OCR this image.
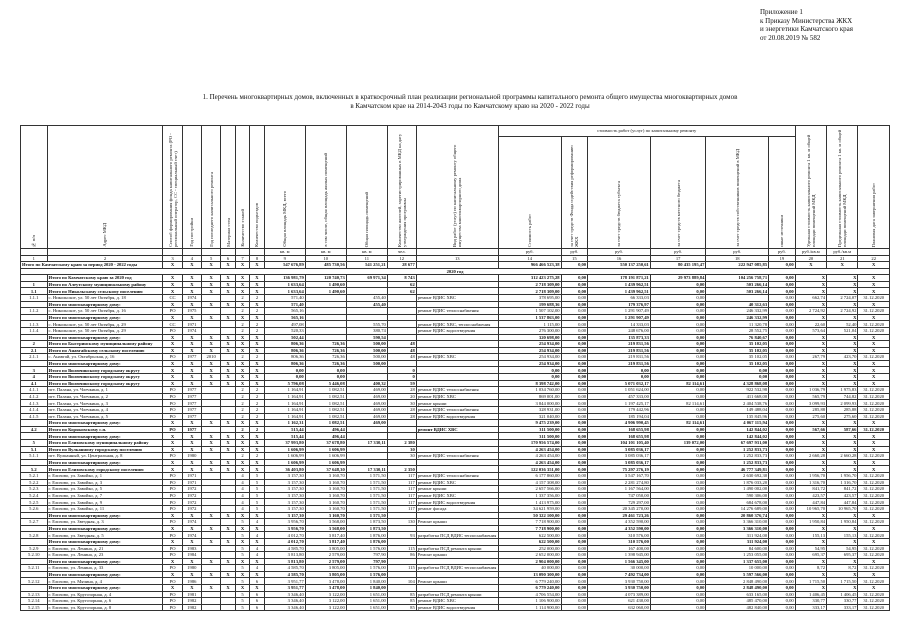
Приложение 1
к Приказу Министерства ЖКХ
и энергетики Камчатского края
от 20.08.2019 № 582
1. Перечень многоквартирных домов, включенных в краткосрочный план реализации региональной программы капитального ремонта общего имущества многоквартирных домов
в Камчатском крае на 2014-2043 годы по Камчатскому краю на 2020 - 2022 годы
№ п/п	Адрес МКД	Способ формирования фонда капитального ремонта (РО - региональный оператор, СС - специальный счет)	Год постройки	Год последнего капитального ремонта	Материал стен	Количество этажей	Количество подъездов	Общая площадь МКД, всего	в том числе, общая площадь жилых помещений	Общая площадь помещений	Количество жителей, зарегистрированных в МКД на дату утверждения программы	Вид работ (услуг) по капитальному ремонту общего имущества многоквартирного дома	стоимость работ (услуг) по капитальному ремонту						Удельная стоимость капитального ремонта 1 кв. м общей площади помещений МКД	Предельная стоимость капитального ремонта 1 кв. м общей площади помещений МКД	Плановая дата завершения работ
													Стоимость работ	за счет средств Фонда содействия реформированию ЖКХ	за счет средств бюджета субъекта	за счет средств местного бюджета	за счет средств собственников помещений в МКД	иные источники			
								кв. м	кв. м	кв. м	чел.		руб.	руб.	руб.	руб.	руб.	руб.	руб./кв.м	руб./кв.м	
1	2	3	4	5	6	7	8	9	10	11	12	13	14	15	16	17	18	19	20	21	22
Итого по Камчатскому краю за период 2020 - 2022 годы		X	X	X	X	X	X	547 676,89	485 730,56	541 251,21	28 677		966 466 523,38	0,00	550 137 250,61	80 435 195,47	222 947 085,85	0,00	X	X	X
2020 год																					
	Итого по Камчатскому краю за 2020 год	X	X	X	X	X	X	136 981,79	120 740,73	69 971,34	8 743		312 423 275,28	0,00	178 191 871,21	29 973 889,84	104 256 758,71	0,00	X	X	X
1	Итого по Алеутскому муниципальному району	X	X	X	X	X	X	1 633,64	1 490,60		62		2 718 309,00	0,00	1 439 962,51	0,00	503 266,14	0,00	X	X	X
1.1	Итого по Никольскому сельскому поселению	X	X	X	X	X	X	1 633,64	1 490,60		62		2 718 309,00	0,00	1 439 962,51	0,00	503 266,14	0,00	X	X	X
1.1.1	с. Никольское, ул. 50 лет Октября, д. 18	СС	1974			2	2	571,40		455,40		ремонт ВДИС ХВС	378 695,00	0,00	66 333,03	0,00		0,00	662,74	2 724,07	31.12.2020
	Итого по многоквартирному дому:	X	X	X	X	X	X	571,40		455,40			199 688,36	0,00	179 376,97	0,00	40 312,63	0,00	X	X	X
1.1.2	с. Никольское, ул. 50 лет Октября, д. 16	РО	1975			2	2	565,16				ремонт ВДИС теплоснабжения	1 507 102,00	0,00	1 291 907,49	0,00	246 332,99	0,00	2 724,92	2 724,92	31.12.2020
	Итого по многоквартирному дому:	X	X	X	X	X	X	565,16					1 537 863,00	0,00	1 291 907,49	0,00	246 332,99	0,00	X	X	X
1.1.3	с. Никольское, ул. 50 лет Октября, д. 29	СС	1971			2	2	497,08		555,70		ремонт ВДИС ХВС, теплоснабжения	1 115,00	0,00	14 333,03	0,00	11 320,78	0,00	22,60	52,40	31.12.2020
1.1.4	с. Никольское, ул. 50 лет Октября, д. 29	РО	1974			2	2	520,33		380,74		ремонт ВДИС водоотведения	276 300,00	0,00	248 676,00	0,00	28 552,75	0,00	573,64	521,04	31.12.2020
	Итого по многоквартирному дому:	X	X	X	X	X	X	502,44		590,54			320 698,00	0,00	135 873,33	0,00	76 840,67	0,00	X	X	X
2	Итого по Быстринскому муниципальному району	X	X	X	X	X	X	806,36	726,36	500,00	48		254 934,00	0,00	219 831,56	0,00	35 102,05	0,00	X	X	X
2.1	Итого по Анавгайскому сельскому поселению	X	X	X	X	X	X	806,36	726,36	500,00	48		254 934,00	0,00	219 831,56	0,00	35 102,05	0,00	X	X	X
2.1.1	с. Анавгай, ул. Октябрьская, д. 16	РО	1977	2010		2	2	806,36	726,36	500,00	48	ремонт ВДИС ХВС	254 934,00	0,00	219 831,56	0,00	35 102,05	0,00	267,79	423,70	31.12.2020
	Итого по многоквартирному дому:	X	X	X	X	X	X	806,36	726,36	500,00			254 934,00	0,00	219 831,56	0,00	35 102,05	0,00	X	X	X
3	Итого по Вилючинскому городскому округу	X	X	X	X	X	X	0,00	0,00		0		0,00	0,00	0,00	0,00	0,00	0,00	X	X	X
4	Итого по Вилючинскому городскому округу	X	X	X	X	X	X	0,00	0,00		0		0,00	0,00	0,00	0,00	0,00	0,00	X	X	X
4.1	Итого по Вилючинскому городскому округу	X	X	X	X	X	X	5 796,08	5 446,08	400,32	59		8 398 742,00	0,00	5 071 032,17	82 114,61	4 328 868,08	0,00	X	X	X
4.1.1	пгт. Палана, ул. Члечкина, д. 1	РО	1977			2	2	1 164,91	1 082,51	469,00	28	ремонт ВДИС теплоснабжения	1 034 760,00	0,00	1 051 624,00	0,00	922 532,98	0,00	1 036,79	1 975,83	31.12.2020
4.1.2	пгт. Палана, ул. Члечкина, д. 2	РО	1977			2	2	1 164,91	1 082,51	469,00	20	ремонт ВДИС ХВС	869 001,00	0,00	457 333,00	0,00	411 668,00	0,00	565,79	744,82	31.12.2020
4.1.3	пгт. Палана, ул. Члечкина, д. 3	РО	1977			2	2	1 164,91	1 082,51	469,00	30	ремонт крыши	3 844 000,00	0,00	1 197 425,17	82 114,61	2 404 538,76	0,00	3 099,93	2 099,93	31.12.2020
4.1.4	пгт. Палана, ул. Члечкина, д. 4	РО	1977			2	2	1 164,91	1 082,51	469,00	28	ремонт ВДИС теплоснабжения	328 931,00	0,00	179 442,96	0,00	149 488,04	0,00	285,88	285,88	31.12.2020
4.1.5	пгт. Палана, ул. Члечкина, д. 5	РО	1977			2	2	1 164,91	1 082,51	469,00	28	ремонт ВДИС водоотведения	321 040,00	0,00	185 194,04	0,00	135 845,96	0,00	275,60	275,60	31.12.2020
	Итого по многоквартирному дому:	X	X	X	X	X	X	1 162,31	1 082,51	469,00			9 475 239,00	0,00	4 906 990,45	82 114,61	4 067 115,94	0,00	X	X	X
4.2	Итого по Коряковскому с.п.	РО	1977			2	2	515,44	496,44			ремонт ВДИС ХВС	311 500,00	0,00	168 655,98	0,00	142 844,02	0,00	567,66	587,66	31.12.2020
	Итого по многоквартирному дому:	X	X	X	X	X	X	515,44	496,44				311 500,00	0,00	168 655,98	0,00	142 844,02	0,00	X	X	X
5	Итого по Елизовскому муниципальному району	X	X	X	X	X	X	37 993,80	37 678,80	17 330,11	2 380		170 956 574,00	0,00	104 101 105,40	139 072,00	67 697 931,00	0,00	X	X	X
5.1	Итого по Вулканному городскому поселению	X	X	X	X	X	X	1 606,99	1 606,99		30		4 263 454,00	0,00	3 085 036,17	0,00	1 252 833,73	0,00	X	X	X
5.1.1	пгт. Вулканный, ул. Центральная, д. 8	РО	1980			2	2	1 606,99	1 606,99		30	ремонт ВДИС теплоснабжения	4 263 454,00	0,00	3 085 036,17	0,00	1 252 833,73	0,00	2 660,28	2 660,28	31.12.2020
	Итого по многоквартирному дому:	X	X	X	X	X	X	1 606,99	1 606,99				4 263 454,00	0,00	3 085 036,17	0,00	1 252 833,73	0,00	X	X	X
5.2	Итого по Елизовскому городскому поселению	X	X	X	X	X	X	36 403,80	37 648,30	17 330,11	2 350		122 036 351,00	0,00	75 297 276,19	0,00	46 777 349,81	0,00	X	X	X
5.2.1	г. Елизово, ул. Завойко, д. 1	РО	1971			4	5	3 157,30	3 160,70	1 571,50	117	ремонт ВДИС теплоснабжения	6 177 860,00	0,00	3 547 167,70	0,00	2 630 692,30	0,00	1 956,70	1 956,70	31.12.2020
5.2.2	г. Елизово, ул. Завойко, д. 3	РО	1971			4	5	3 157,30	3 160,70	1 571,50	117	ремонт ВДИС ХВС	4 157 308,00	0,00	2 281 274,80	0,00	1 876 033,20	0,00	1 316,70	1 316,70	31.12.2020
5.2.3	г. Елизово, ул. Завойко, д. 5	РО	1972			4	5	3 157,30	3 160,70	1 571,50	117	ремонт крыши	2 657 566,00	0,00	1 167 564,00	0,00	1 490 002,00	0,00	841,72	841,72	31.12.2020
5.2.4	г. Елизово, ул. Завойко, д. 7	РО	1972			4	5	3 157,30	3 160,70	1 571,50	117	ремонт ВДИС ХВС	1 337 356,00	0,00	747 050,00	0,00	590 306,00	0,00	423,57	423,57	31.12.2020
5.2.5	г. Елизово, ул. Завойко, д. 9	РО	1972			4	5	3 157,30	3 160,70	1 571,50	117	ремонт ВДИС водоотведения	1 413 975,00	0,00	729 297,00	0,00	684 678,00	0,00	447,84	447,84	31.12.2020
5.2.6	г. Елизово, ул. Завойко, д. 11	РО	1972			4	5	3 157,30	3 160,70	1 571,50	117	ремонт фасада	34 621 959,00	0,00	20 345 270,00	0,00	14 276 689,00	0,00	10 965,70	10 965,70	31.12.2020
	Итого по многоквартирному дому:	X	X	X	X	X	X	3 157,30	3 160,70	1 571,50			50 322 100,00	0,00	29 461 723,26	0,00	20 860 376,74	0,00	X	X	X
5.2.7	г. Елизово, ул. Звездная, д. 3	РО	1974			5	4	3 956,70	3 568,00	1 873,50	130	Ремонт крыши	7 718 900,00	0,00	4 352 590,00	0,00	3 366 310,00	0,00	1 950,84	1 950,84	31.12.2020
	Итого по многоквартирному дому:	X	X	X	X	X	X	3 956,70	3 568,00	1 873,50			7 718 900,00	0,00	4 352 590,00	0,00	3 366 310,00	0,00	X	X	X
5.2.8	г. Елизово, ул. Звездная, д. 5	РО	1974			5	4	4 012,70	3 817,40	1 876,00	93	разработка ПСД ВДИС теплоснабжения	622 500,00	0,00	310 576,00	0,00	311 924,00	0,00	155,13	155,13	31.12.2020
	Итого по многоквартирному дому:	X	X	X	X	X	X	4 012,70	3 817,40	1 876,00			622 500,00	0,00	310 576,00	0,00	311 924,00	0,00	X	X	X
5.2.9	г. Елизово, ул. Ленина, д. 21	РО	1983			5	4	4 585,70	3 805,00	1 576,00	115	разработка ПСД ремонта крыши	252 000,00	0,00	167 400,00	0,00	84 600,00	0,00	54,95	54,95	31.12.2020
5.2.10	г. Елизово, ул. Ленина, д. 23	РО	1984			5	4	3 813,80	2 579,00	797,90	86	Ремонт крыши	2 652 000,00	0,00	1 398 945,00	0,00	1 253 055,00	0,00	695,37	695,37	31.12.2020
	Итого по многоквартирному дому:	X	X	X	X	X	X	3 813,80	2 579,00	797,90			2 904 000,00	0,00	1 566 345,00	0,00	1 337 655,00	0,00	X	X	X
5.2.11	г. Елизово, ул. Ленина, д. 33	РО	1980			5	4	4 585,70	3 805,00	1 576,00	115	разработка ПСД ВДИС теплоснабжения	40 000,00	0,00	30 000,00	0,00	10 000,00	0,00	8,72	8,72	31.12.2020
	Итого по многоквартирному дому:	X	X	X	X	X	X	4 585,70	3 805,00	1 576,00			13 090 300,00	0,00	7 492 734,00	0,00	5 597 566,00	0,00	X	X	X
5.2.12	г. Елизово, ул. Мячина, д. 4	РО	1986			5	6	3 951,77	3 478,00	1 840,00	104	Ремонт крыши	6 779 240,00	0,00	3 930 750,00	0,00	2 848 490,00	0,00	1 715,50	1 715,50	31.12.2020
	Итого по многоквартирному дому:	X	X	X	X	X	X	3 951,77	3 478,00	1 840,00			6 779 240,00	0,00	3 930 750,00	0,00	2 848 490,00	0,00	X	X	X
5.2.13	г. Елизово, ул. Кругозорная, д. 4	РО	1981			5	6	3 346,40	3 122,00	1 651,00	85	разработка ПСД ремонта крыши	4 706 554,00	0,00	4 073 389,00	0,00	633 165,00	0,00	1 406,45	1 406,45	31.12.2020
5.2.14	г. Елизово, ул. Кругозорная, д. 6	РО	1982			5	6	3 346,40	3 122,00	1 651,00	85	ремонт ВДИС ХВС	1 106 900,00	0,00	621 430,00	0,00	485 470,00	0,00	330,77	330,77	31.12.2020
5.2.15	г. Елизово, ул. Кругозорная, д. 8	РО	1982			5	6	3 346,40	3 122,00	1 651,00	85	ремонт ВДИС водоотведения	1 114 900,00	0,00	632 060,00	0,00	482 840,00	0,00	333,17	333,17	31.12.2020
